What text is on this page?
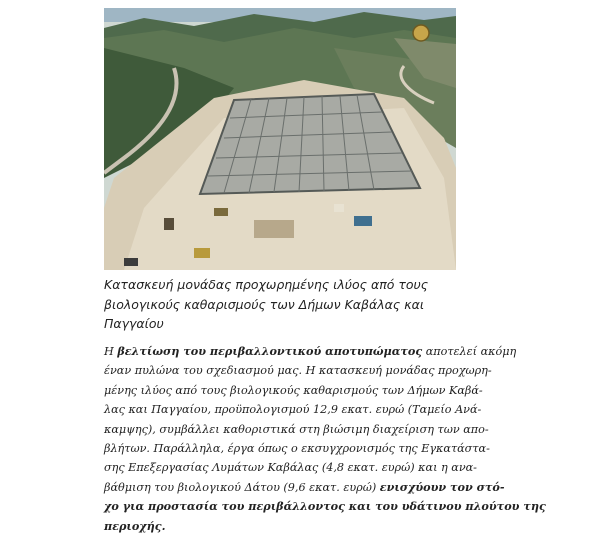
Κατασκευή μονάδας προχωρημένης ιλύος από τους
βιολογικούς καθαρισμούς των Δήμων Καβάλας και
Παγγαίου
Η βελτίωση του περιβαλλοντικού αποτυπώματος αποτελεί ακόμη
έναν πυλώνα του σχεδιασμού μας. Η κατασκευή μονάδας προχωρη-
μένης ιλύος από τους βιολογικούς καθαρισμούς των Δήμων Καβά-
λας και Παγγαίου, προϋπολογισμού 12,9 εκατ. ευρώ (Ταμείο Ανά-
καμψης), συμβάλλει καθοριστικά στη βιώσιμη διαχείριση των απο-
βλήτων. Παράλληλα, έργα όπως ο εκσυγχρονισμός της Εγκατάστα-
σης Επεξεργασίας Λυμάτων Καβάλας (4,8 εκατ. ευρώ) και η ανα-
βάθμιση του βιολογικού Δάτου (9,6 εκατ. ευρώ) ενισχύουν τον στό-
χο για προστασία του περιβάλλοντος και του υδάτινου πλούτου της
περιοχής.
